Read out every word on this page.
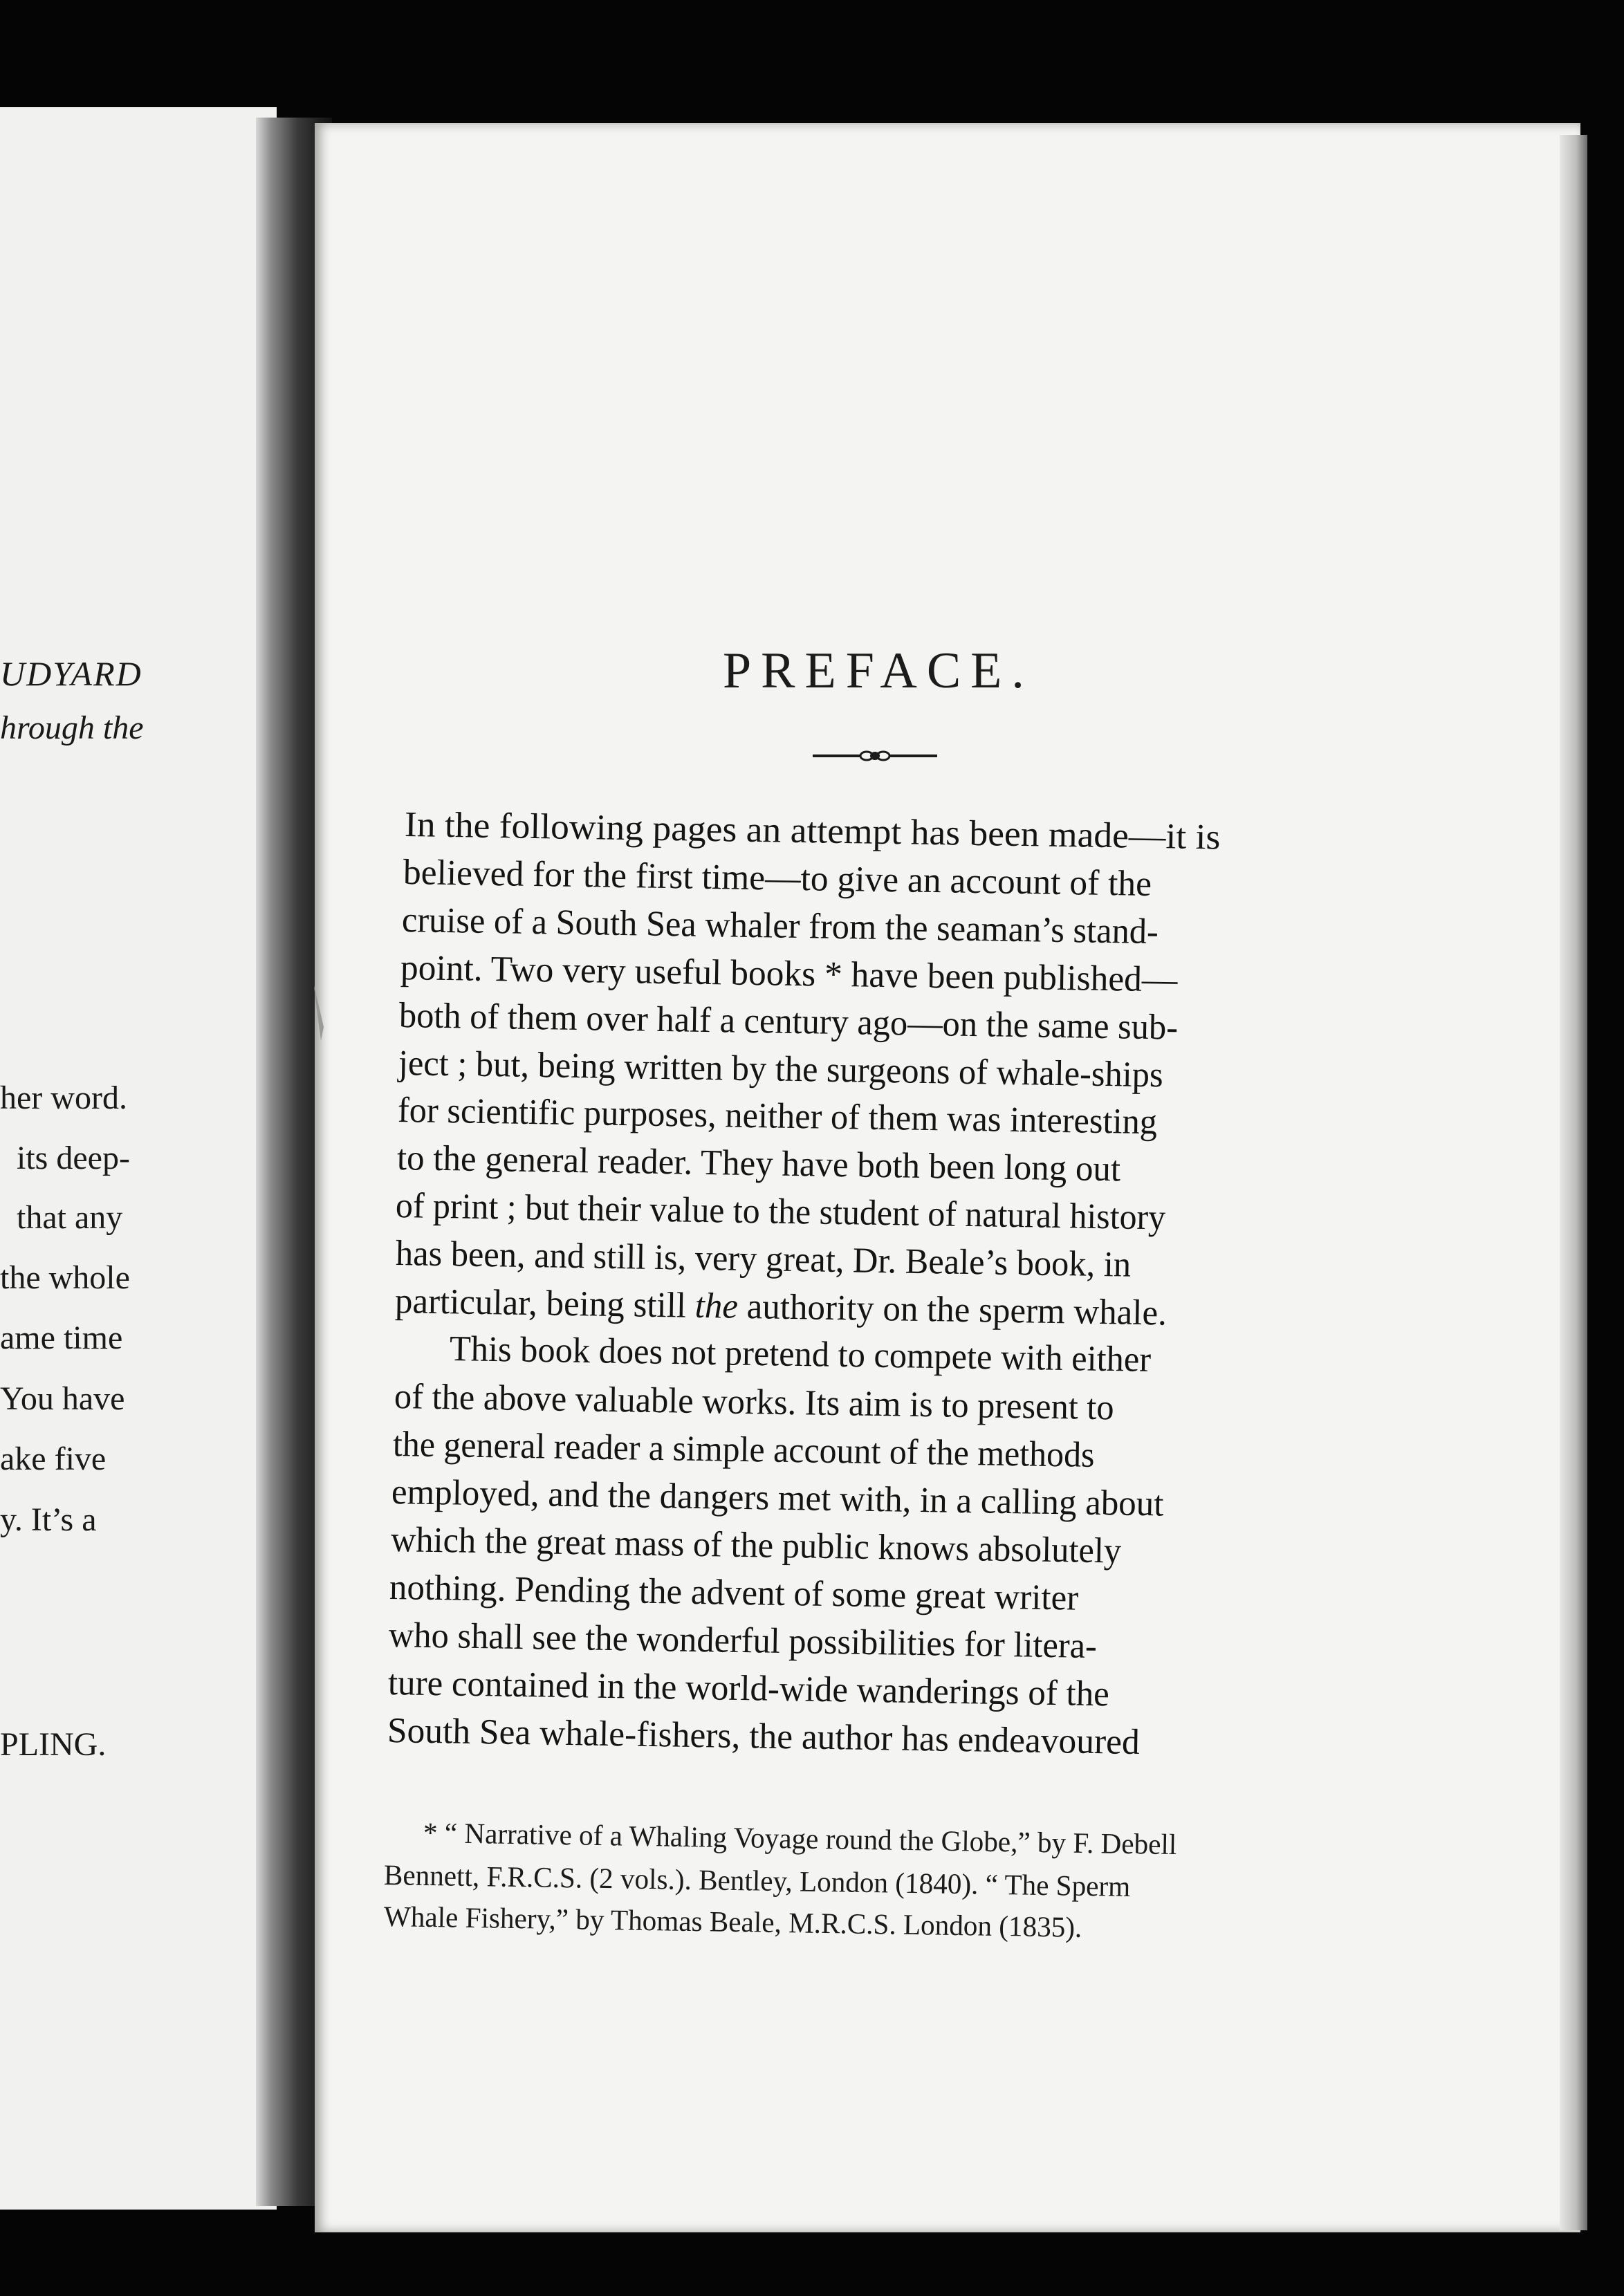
UDYARD
hrough the
her word.
its deep-
that any
the whole
ame time
You have
ake five
y. It’s a
PLING.
PREFACE.
In the following pages an attempt has been made—it is
believed for the first time—to give an account of the
cruise of a South Sea whaler from the seaman’s stand-
point. Two very useful books * have been published—
both of them over half a century ago—on the same sub-
ject ; but, being written by the surgeons of whale-ships
for scientific purposes, neither of them was interesting
to the general reader. They have both been long out
of print ; but their value to the student of natural history
has been, and still is, very great, Dr. Beale’s book, in
particular, being still the authority on the sperm whale.
This book does not pretend to compete with either
of the above valuable works. Its aim is to present to
the general reader a simple account of the methods
employed, and the dangers met with, in a calling about
which the great mass of the public knows absolutely
nothing. Pending the advent of some great writer
who shall see the wonderful possibilities for litera-
ture contained in the world-wide wanderings of the
South Sea whale-fishers, the author has endeavoured
* “ Narrative of a Whaling Voyage round the Globe,” by F. Debell
Bennett, F.R.C.S. (2 vols.). Bentley, London (1840). “ The Sperm
Whale Fishery,” by Thomas Beale, M.R.C.S. London (1835).
